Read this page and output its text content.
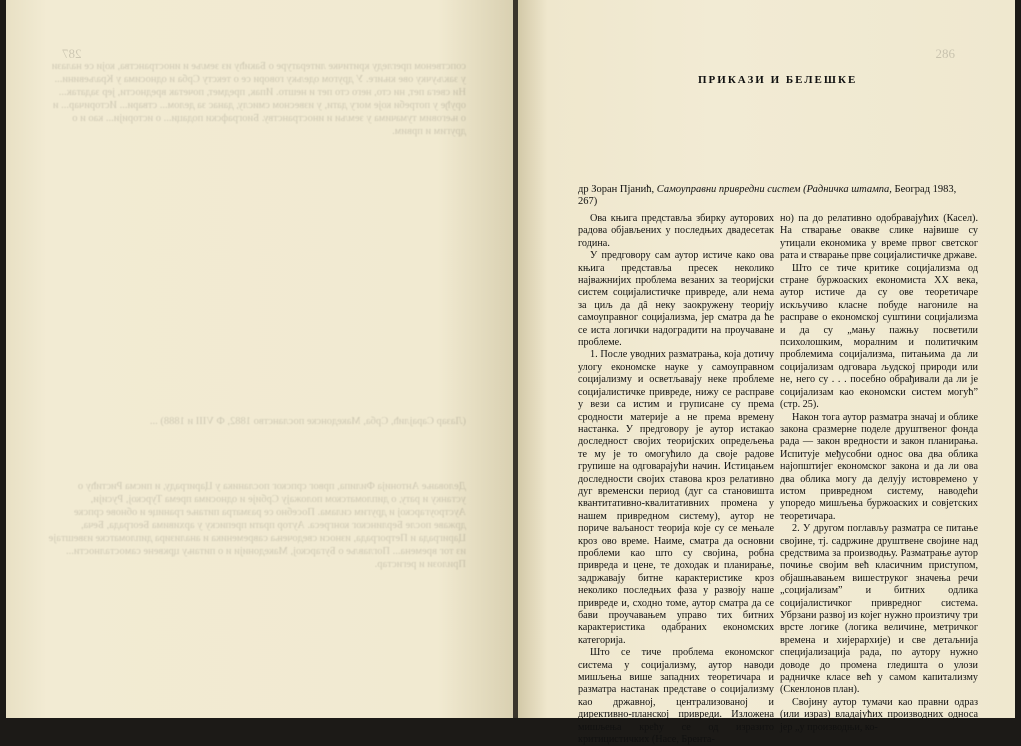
287
сопственом прегледу критичке литературе о Бакићу из земље и иностранства, који се налази у закључку ове књиге. У другом одељку говори се о тексту Срба и односима у Краљевини... Ни свега пет, ни сто, него сто пет и нешто. Ипак, предмет, почетак вредности, јер задатак... оруђе у потреби које могу дати, у извесном смислу, данас за делом... ствари... Историчар... и о његовим тумачима у земљи и иностранству. Биографски подаци... о историји... као и о другим и првим.
(Лазар Сарајлић, Срба, Македонске посланство 1882, Ф VIII и 1888) ...
Деловање Антонија Филипа, првог српског посланика у Цариграду, и писма Ристићу о устанку и рату, о дипломатском положају Србије и односима према Турској, Русији, Аустроугарској и другим силама. Посебно се разматра питање границе и обнове српске државе после Берлинског конгреса. Аутор прати преписку у архивима Београда, Беча, Цариграда и Петрограда, износи сведочења савременика и анализира дипломатске извештаје из тог времена... Поглавље о Бугарској, Македонији и о питању црквене самосталности... Прилози и регистар.
286
ПРИКАЗИ И БЕЛЕШКЕ
др Зоран Пјанић, Самоуправни привредни систем (Радничка штампа, Београд 1983, 267)

Ова књига представља збирку ауторових радова објављених у последњих двадесетак година.

У предговору сам аутор истиче како ова књига представља пресек неколико најважнијих проблема везаних за теоријски систем социјалистичке привреде, али нема за циљ да дâ неку заокружену теорију самоуправног социјализма, јер сматра да ће се иста логички надоградити на проучаване проблеме.

1. После уводних разматрања, која дотичу улогу економске науке у самоуправном социјализму и осветљавају неке проблеме социјалистичке привреде, нижу се расправе у вези са истим и груписане су према сродности материје а не према времену настанка. У предговору је аутор истакао доследност својих теоријских опредељења те му је то омогућило да своје радове групише на одговарајући начин. Истицањем доследности својих ставова кроз релативно дуг временски период (дуг са становишта квантитативно-квалитативних промена у нашем привредном систему), аутор не пориче ваљаност теорија које су се мењале кроз ово време. Наиме, сматра да основни проблеми као што су својина, робна привреда и цене, те доходак и планирање, задржавају битне карактеристике кроз неколико последњих фаза у развоју наше привреде и, сходно томе, аутор сматра да се бави проучавањем управо тих битних карактеристика одабраних економских категорија.

Што се тиче проблема економског система у социјализму, аутор наводи мишљења више западних теоретичара и разматра настанак представе о социјализму као државној, централизованој и директивно-планској привреди. Изложена мишљења крећу се од изразито критицистичких (Насе, Брента-

но) па до релативно одобравајућих (Касел). На стварање овакве слике највише су утицали економика у време првог светског рата и стварање прве социјалистичке државе.

Што се тиче критике социјализма од стране буржоаских економиста XX века, аутор истиче да су ове теоретичаре искључиво класне побуде нагониле на расправе о економској суштини социјализма и да су „мању пажњу посветили психолошким, моралним и политичким проблемима социјализма, питањима да ли социјализам одговара људској природи или не, него су . . . посебно обрађивали да ли је социјализам као економски систем могућ” (стр. 25).

Након тога аутор разматра значај и облике закона сразмерне поделе друштвеног фонда рада — закон вредности и закон планирања. Испитује међусобни однос ова два облика најопштијег економског закона и да ли ова два облика могу да делују истовремено у истом привредном систему, наводећи упоредо мишљења буржоаских и совјетских теоретичара.

2. У другом поглављу разматра се питање својине, тј. садржине друштвене својине над средствима за производњу. Разматрање аутор почиње својим већ класичним приступом, објашњавањем вишеструког значења речи „социјализам” и битних одлика социјалистичког привредног система. Убрзани развој из којег нужно произтичу три врсте логике (логика величине, метричког времена и хијерархије) и све детаљнија специјализација рада, по аутору нужно доводе до промена гледишта о улози радничке класе већ у самом капитализму (Скенлонов план).

Својину аутор тумачи као правни одраз (или израз) владајућих производних односа јер „у производњи, ко-
